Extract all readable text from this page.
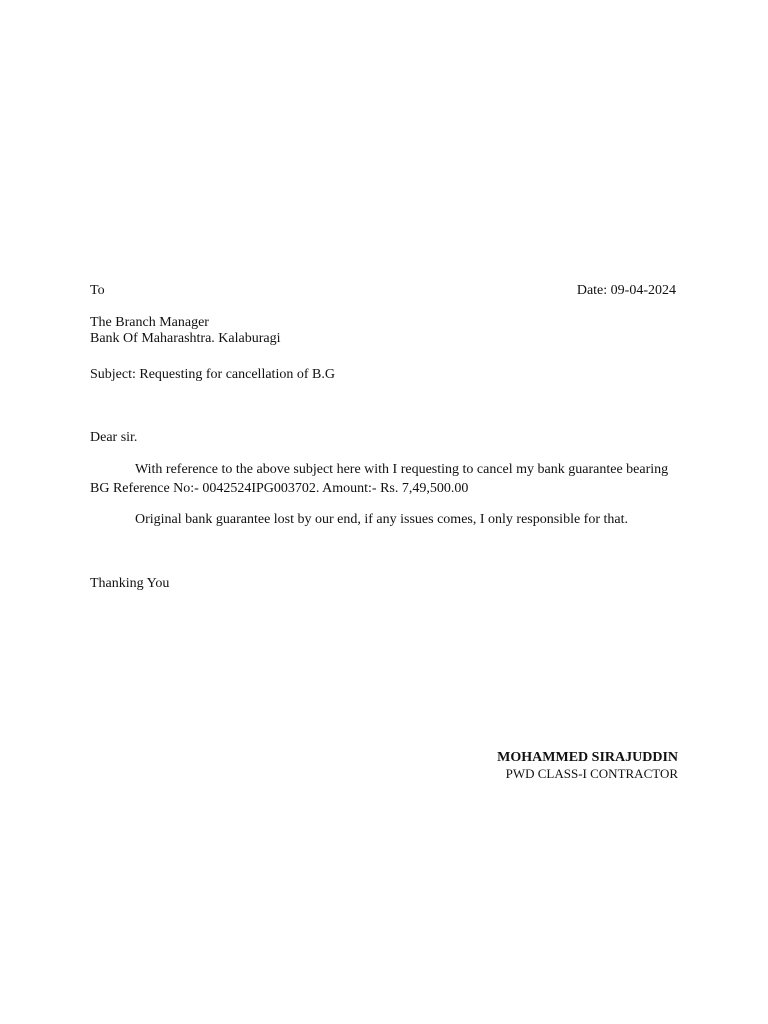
To	Date: 09-04-2024
The Branch Manager
Bank Of Maharashtra. Kalaburagi
Subject: Requesting for cancellation of B.G
Dear sir.
With reference to the above subject here with I requesting to cancel my bank guarantee bearing
BG Reference No:- 0042524IPG003702. Amount:- Rs. 7,49,500.00
Original bank guarantee lost by our end, if any issues comes, I only responsible for that.
Thanking You
MOHAMMED SIRAJUDDIN
PWD CLASS-I CONTRACTOR
